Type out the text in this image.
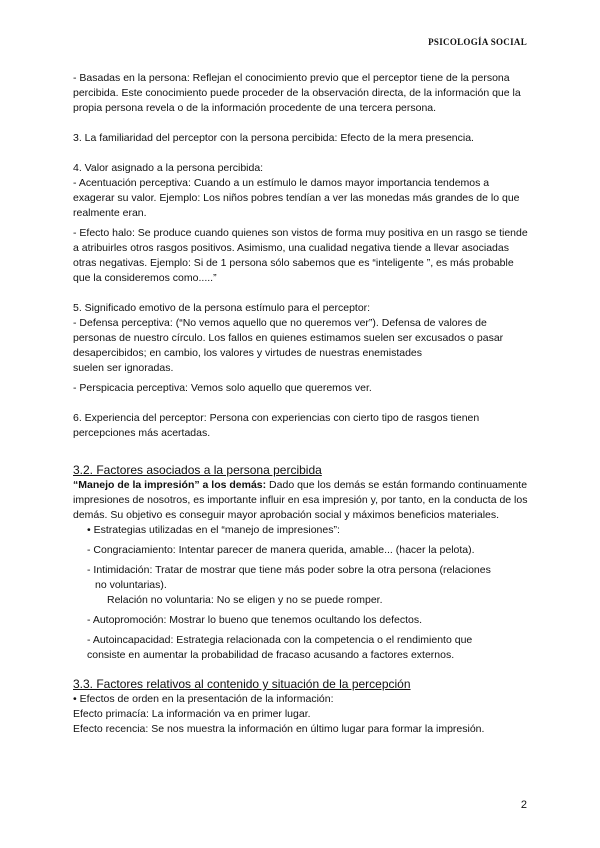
PSICOLOGÍA SOCIAL

- Basadas en la persona: Reflejan el conocimiento previo que el perceptor tiene de la persona percibida. Este conocimiento puede proceder de la observación directa, de la información que la propia persona revela o de la información procedente de una tercera persona.

3. La familiaridad del perceptor con la persona percibida: Efecto de la mera presencia.

4. Valor asignado a la persona percibida:

- Acentuación perceptiva: Cuando a un estímulo le damos mayor importancia tendemos a exagerar su valor. Ejemplo: Los niños pobres tendían a ver las monedas más grandes de lo que realmente eran.

- Efecto halo: Se produce cuando quienes son vistos de forma muy positiva en un rasgo se tiende a atribuirles otros rasgos positivos. Asimismo, una cualidad negativa tiende a llevar asociadas otras negativas. Ejemplo: Si de 1 persona sólo sabemos que es “inteligente ”, es más probable que la consideremos como.....”

5. Significado emotivo de la persona estímulo para el perceptor:

- Defensa perceptiva: (“No vemos aquello que no queremos ver”). Defensa de valores de personas de nuestro círculo. Los fallos en quienes estimamos suelen ser excusados o pasar desapercibidos; en cambio, los valores y virtudes de nuestras enemistades

suelen ser ignoradas.

- Perspicacia perceptiva: Vemos solo aquello que queremos ver.

6. Experiencia del perceptor: Persona con experiencias con cierto tipo de rasgos tienen percepciones más acertadas.

3.2. Factores asociados a la persona percibida

“Manejo de la impresión” a los demás: Dado que los demás se están formando continuamente impresiones de nosotros, es importante influir en esa impresión y, por tanto, en la conducta de los demás. Su objetivo es conseguir mayor aprobación social y máximos beneficios materiales.

• Estrategias utilizadas en el “manejo de impresiones”:

- Congraciamiento: Intentar parecer de manera querida, amable... (hacer la pelota).

- Intimidación: Tratar de mostrar que tiene más poder sobre la otra persona (relaciones

no voluntarias).

Relación no voluntaria: No se eligen y no se puede romper.

- Autopromoción: Mostrar lo bueno que tenemos ocultando los defectos.

- Autoincapacidad: Estrategia relacionada con la competencia o el rendimiento que

consiste en aumentar la probabilidad de fracaso acusando a factores externos.

3.3. Factores relativos al contenido y situación de la percepción

• Efectos de orden en la presentación de la información:

Efecto primacía: La información va en primer lugar.

Efecto recencia: Se nos muestra la información en último lugar para formar la impresión.

2
